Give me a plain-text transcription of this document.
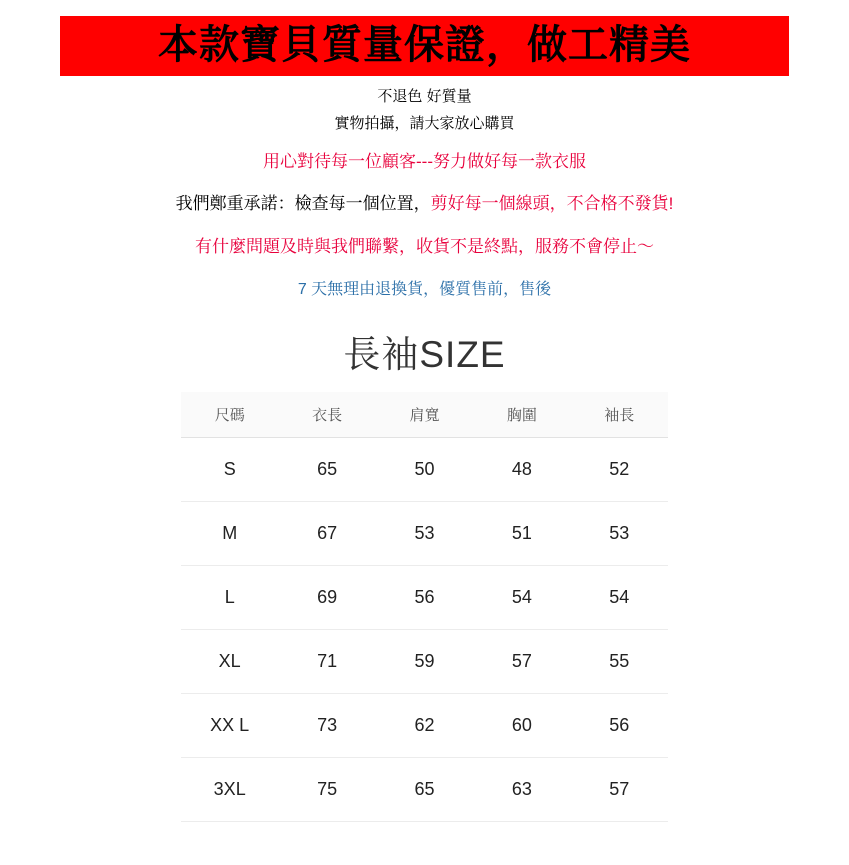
本款寶貝質量保證，做工精美
不退色 好質量
實物拍攝，請大家放心購買
用心對待每一位顧客---努力做好每一款衣服
我們鄭重承諾：檢查每一個位置，剪好每一個線頭，不合格不發貨!
有什麼問題及時與我們聯繫，收貨不是終點，服務不會停止～
7 天無理由退換貨，優質售前，售後
長袖SIZE
尺碼	衣長	肩寬	胸圍	袖長
S	65	50	48	52
M	67	53	51	53
L	69	56	54	54
XL	71	59	57	55
XX L	73	62	60	56
3XL	75	65	63	57
